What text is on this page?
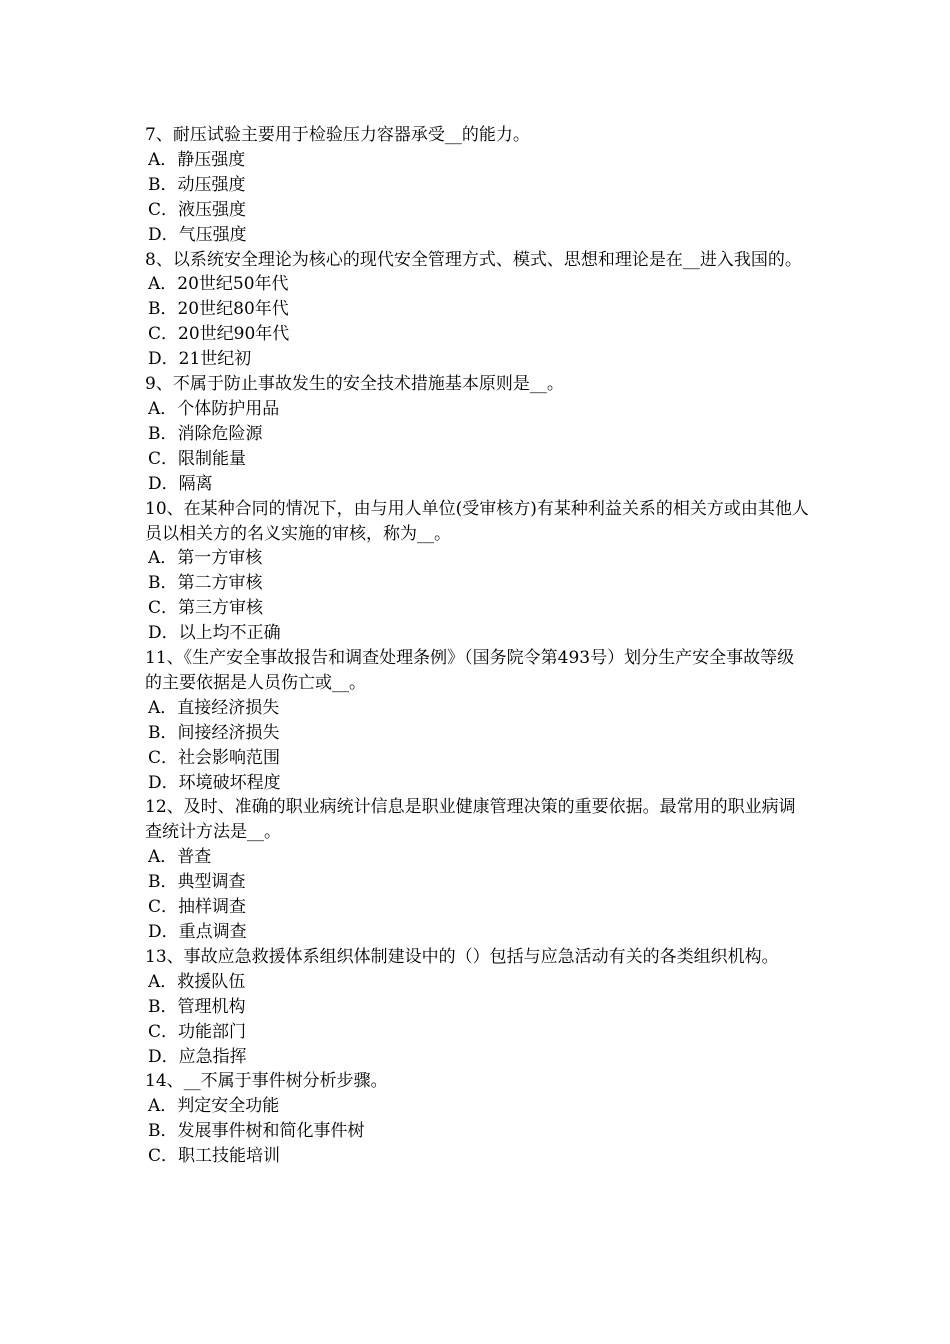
7、耐压试验主要用于检验压力容器承受__的能力。

A．静压强度

B．动压强度

C．液压强度

D．气压强度

8、以系统安全理论为核心的现代安全管理方式、模式、思想和理论是在__进入我国的。

A．20世纪50年代

B．20世纪80年代

C．20世纪90年代

D．21世纪初

9、不属于防止事故发生的安全技术措施基本原则是__。

A．个体防护用品

B．消除危险源

C．限制能量

D．隔离

10、在某种合同的情况下，由与用人单位(受审核方)有某种利益关系的相关方或由其他人员以相关方的名义实施的审核，称为__。

A．第一方审核

B．第二方审核

C．第三方审核

D．以上均不正确

11、《生产安全事故报告和调查处理条例》（国务院令第493号）划分生产安全事故等级的主要依据是人员伤亡或__。

A．直接经济损失

B．间接经济损失

C．社会影响范围

D．环境破坏程度

12、及时、准确的职业病统计信息是职业健康管理决策的重要依据。最常用的职业病调查统计方法是__。

A．普查

B．典型调查

C．抽样调查

D．重点调查

13、事故应急救援体系组织体制建设中的（）包括与应急活动有关的各类组织机构。

A．救援队伍

B．管理机构

C．功能部门

D．应急指挥

14、__不属于事件树分析步骤。

A．判定安全功能

B．发展事件树和简化事件树

C．职工技能培训
